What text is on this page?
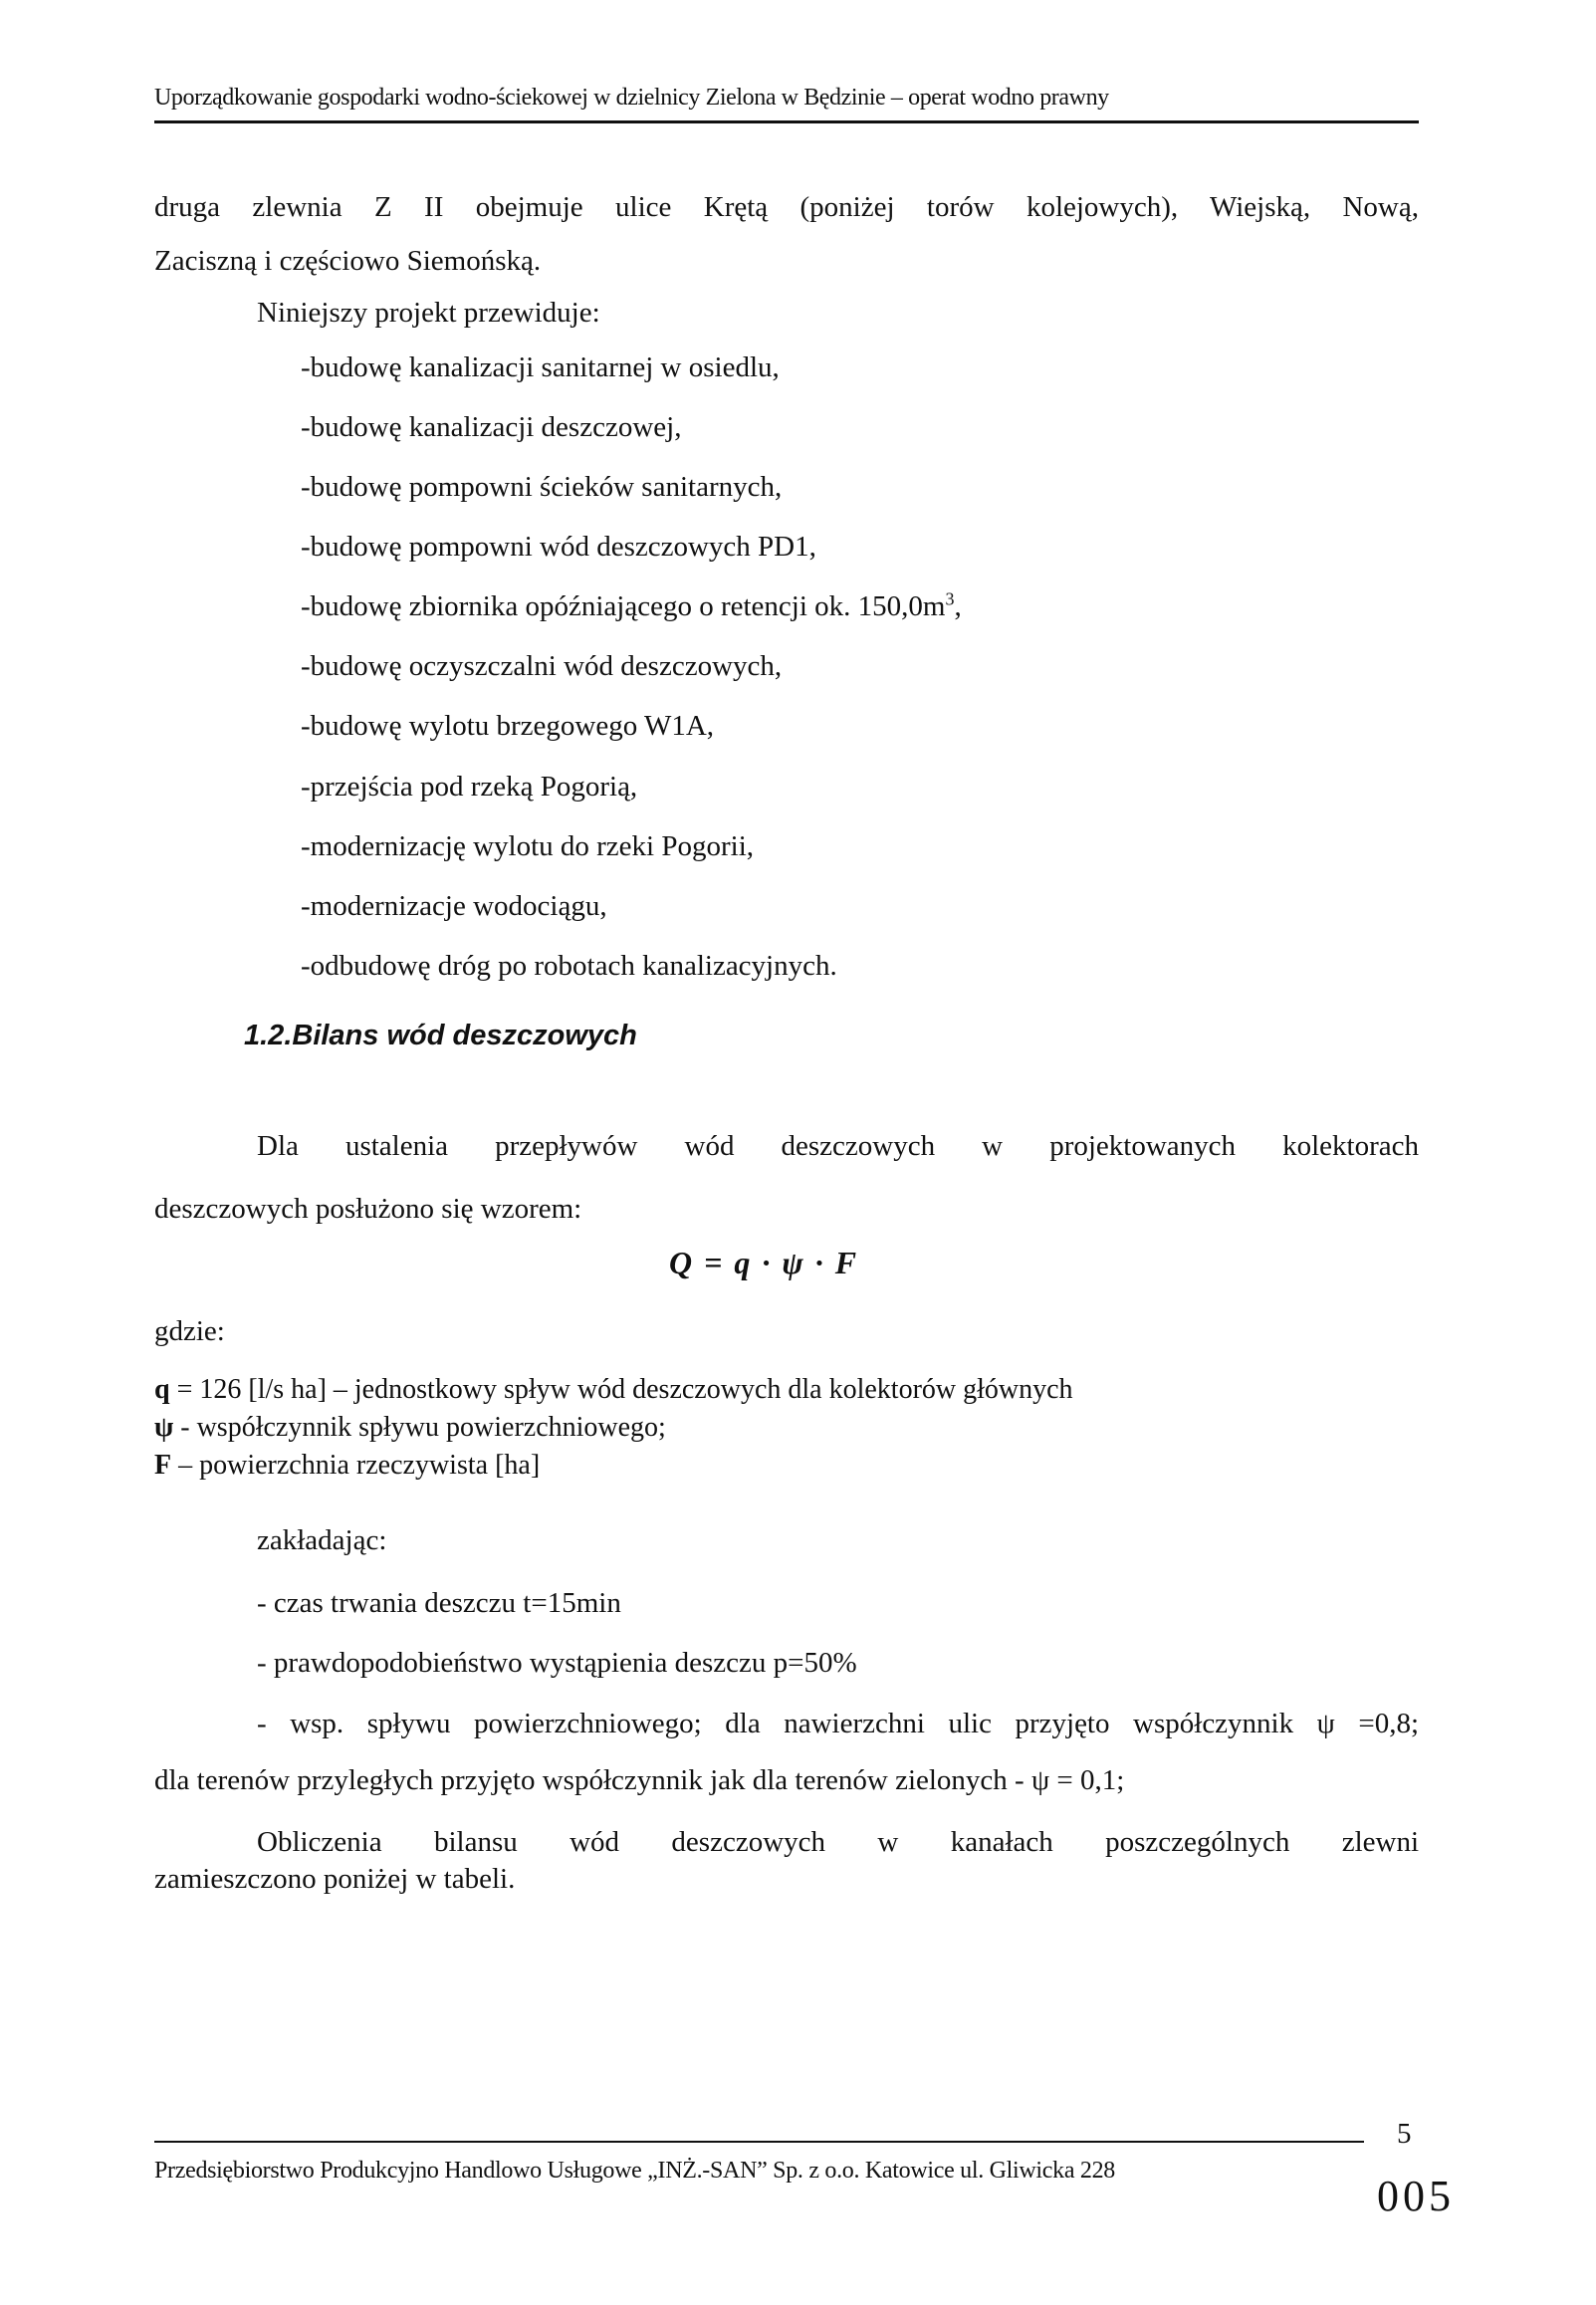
Uporządkowanie gospodarki wodno-ściekowej w dzielnicy Zielona w Będzinie – operat wodno prawny
druga zlewnia Z II obejmuje ulice Krętą (poniżej torów kolejowych), Wiejską, Nową,
Zaciszną i częściowo Siemońską.
Niniejszy projekt przewiduje:
-budowę kanalizacji sanitarnej w osiedlu,
-budowę kanalizacji deszczowej,
-budowę pompowni ścieków sanitarnych,
-budowę pompowni wód deszczowych PD1,
-budowę zbiornika opóźniającego o retencji ok. $150,0m^3$,
-budowę oczyszczalni wód deszczowych,
-budowę wylotu brzegowego W1A,
-przejścia pod rzeką Pogorią,
-modernizację wylotu do rzeki Pogorii,
-modernizacje wodociągu,
-odbudowę dróg po robotach kanalizacyjnych.
1.2.Bilans wód deszczowych
Dla ustalenia przepływów wód deszczowych w projektowanych kolektorach
deszczowych posłużono się wzorem:
Q = q · ψ · F
gdzie:
q = 126 [l/s ha] – jednostkowy spływ wód deszczowych dla kolektorów głównych
ψ - współczynnik spływu powierzchniowego;
F – powierzchnia rzeczywista [ha]
zakładając:
- czas trwania deszczu t=15min
- prawdopodobieństwo wystąpienia deszczu p=50%
- wsp. spływu powierzchniowego; dla nawierzchni ulic przyjęto współczynnik ψ =0,8;
dla terenów przyległych przyjęto współczynnik jak dla terenów zielonych - ψ = 0,1;
Obliczenia bilansu wód deszczowych w kanałach poszczególnych zlewni
zamieszczono poniżej w tabeli.
5
Przedsiębiorstwo Produkcyjno Handlowo Usługowe „INŻ.-SAN” Sp. z o.o. Katowice ul. Gliwicka 228
005
